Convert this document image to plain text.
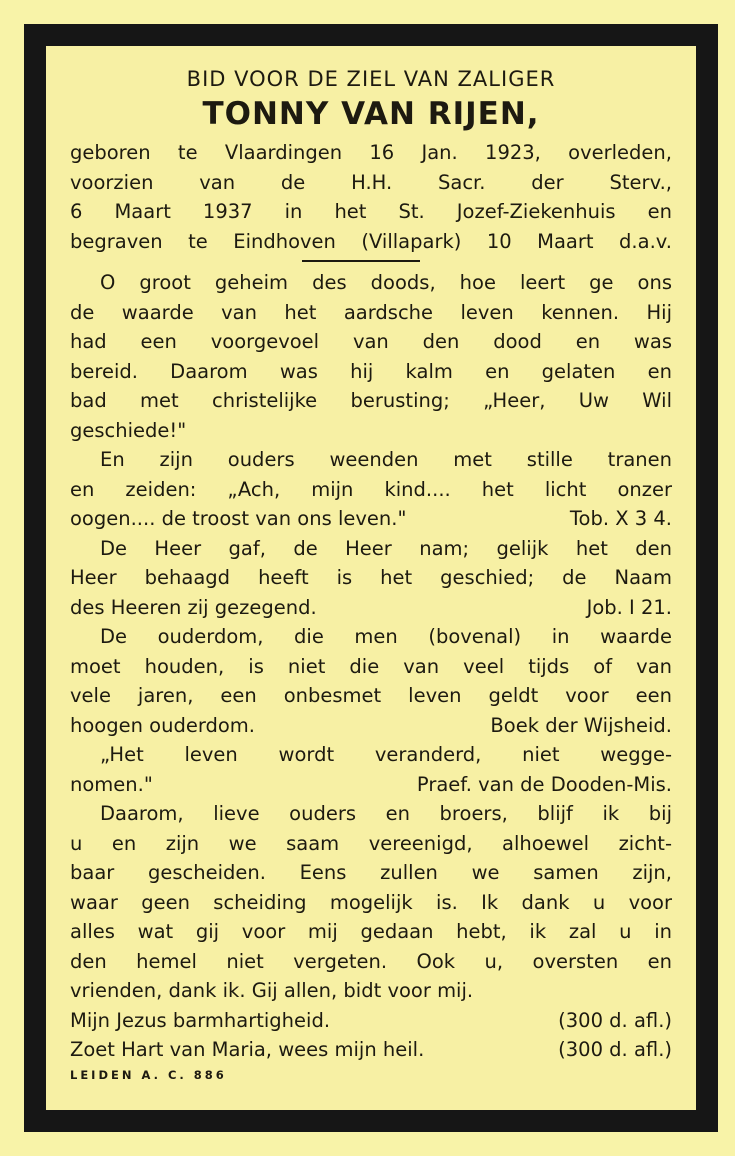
BID VOOR DE ZIEL VAN ZALIGER
TONNY VAN RIJEN,
geboren te Vlaardingen 16 Jan. 1923, overleden,
voorzien van de H.H. Sacr. der Sterv.,
6 Maart 1937 in het St. Jozef-Ziekenhuis en
begraven te Eindhoven (Villapark) 10 Maart d.a.v.
O groot geheim des doods, hoe leert ge ons
de waarde van het aardsche leven kennen. Hij
had een voorgevoel van den dood en was
bereid. Daarom was hij kalm en gelaten en
bad met christelijke berusting; „Heer, Uw Wil
geschiede!"
En zijn ouders weenden met stille tranen
en zeiden: „Ach, mijn kind.... het licht onzer
oogen.... de troost van ons leven."	Tob. X 3 4.
De Heer gaf, de Heer nam; gelijk het den
Heer behaagd heeft is het geschied; de Naam
des Heeren zij gezegend.	Job. I 21.
De ouderdom, die men (bovenal) in waarde
moet houden, is niet die van veel tijds of van
vele jaren, een onbesmet leven geldt voor een
hoogen ouderdom.	Boek der Wijsheid.
„Het leven wordt veranderd, niet wegge-
nomen."	Praef. van de Dooden-Mis.
Daarom, lieve ouders en broers, blijf ik bij
u en zijn we saam vereenigd, alhoewel zicht-
baar gescheiden. Eens zullen we samen zijn,
waar geen scheiding mogelijk is. Ik dank u voor
alles wat gij voor mij gedaan hebt, ik zal u in
den hemel niet vergeten. Ook u, oversten en
vrienden, dank ik. Gij allen, bidt voor mij.
Mijn Jezus barmhartigheid.	(300 d. afl.)
Zoet Hart van Maria, wees mijn heil.	(300 d. afl.)
LEIDEN A. C. 886
